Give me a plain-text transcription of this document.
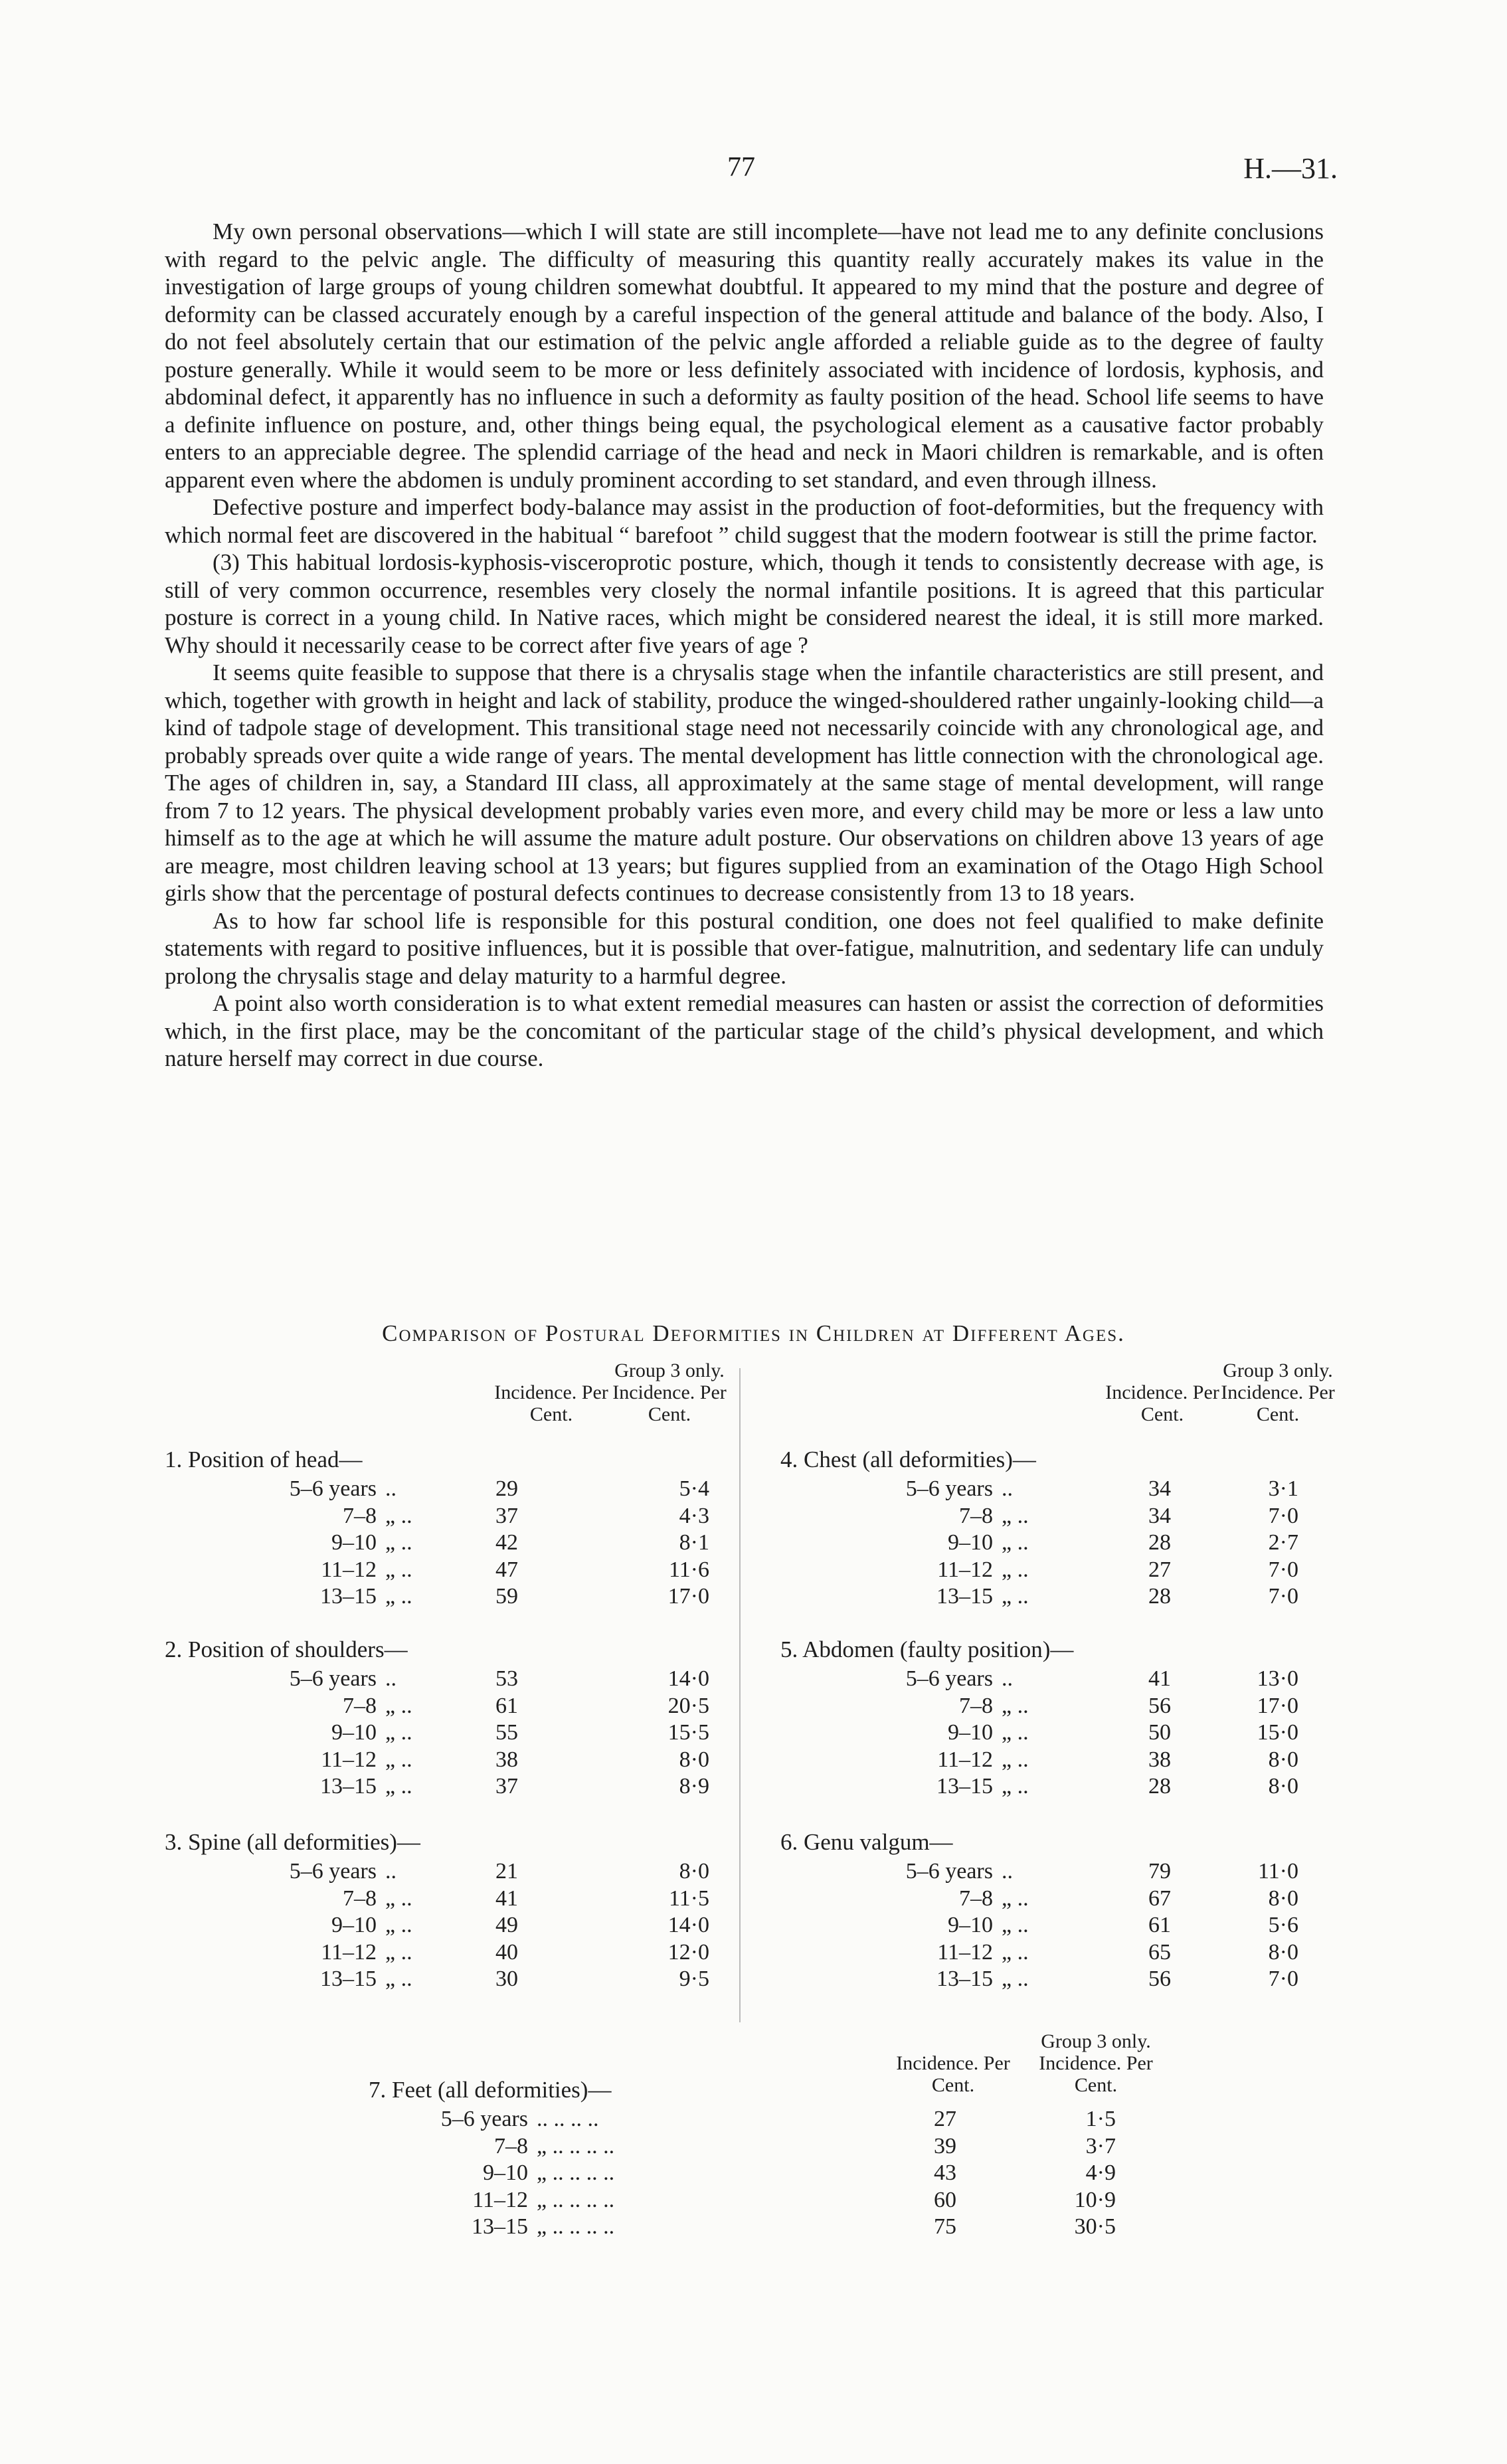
77	H.—31.

My own personal observations—which I will state are still incomplete—have not lead me to any definite conclusions with regard to the pelvic angle. The difficulty of measuring this quantity really accurately makes its value in the investigation of large groups of young children somewhat doubtful. It appeared to my mind that the posture and degree of deformity can be classed accurately enough by a careful inspection of the general attitude and balance of the body. Also, I do not feel absolutely certain that our estimation of the pelvic angle afforded a reliable guide as to the degree of faulty posture generally. While it would seem to be more or less definitely associated with incidence of lordosis, kyphosis, and abdominal defect, it apparently has no influence in such a deformity as faulty position of the head. School life seems to have a definite influence on posture, and, other things being equal, the psychological element as a causative factor probably enters to an appreciable degree. The splendid carriage of the head and neck in Maori children is remarkable, and is often apparent even where the abdomen is unduly prominent according to set standard, and even through illness.

Defective posture and imperfect body-balance may assist in the production of foot-deformities, but the frequency with which normal feet are discovered in the habitual “ barefoot ” child suggest that the modern footwear is still the prime factor.

(3) This habitual lordosis-kyphosis-visceroprotic posture, which, though it tends to consistently decrease with age, is still of very common occurrence, resembles very closely the normal infantile positions. It is agreed that this particular posture is correct in a young child. In Native races, which might be considered nearest the ideal, it is still more marked. Why should it necessarily cease to be correct after five years of age ?

It seems quite feasible to suppose that there is a chrysalis stage when the infantile characteristics are still present, and which, together with growth in height and lack of stability, produce the winged-shouldered rather ungainly-looking child—a kind of tadpole stage of development. This transitional stage need not necessarily coincide with any chronological age, and probably spreads over quite a wide range of years. The mental development has little connection with the chronological age. The ages of children in, say, a Standard III class, all approximately at the same stage of mental development, will range from 7 to 12 years. The physical development probably varies even more, and every child may be more or less a law unto himself as to the age at which he will assume the mature adult posture. Our observations on children above 13 years of age are meagre, most children leaving school at 13 years; but figures supplied from an examination of the Otago High School girls show that the percentage of postural defects continues to decrease consistently from 13 to 18 years.

As to how far school life is responsible for this postural condition, one does not feel qualified to make definite statements with regard to positive influences, but it is possible that over-fatigue, malnutrition, and sedentary life can unduly prolong the chrysalis stage and delay maturity to a harmful degree.

A point also worth consideration is to what extent remedial measures can hasten or assist the correction of deformities which, in the first place, may be the concomitant of the particular stage of the child’s physical development, and which nature herself may correct in due course.

Comparison of Postural Deformities in Children at Different Ages.
Incidence. Per Cent.
Group 3 only. Incidence. Per Cent.
Incidence. Per Cent.
Group 3 only. Incidence. Per Cent.
1. Position of head—
5–6 years ..	29	5·4
7–8 „ ..	37	4·3
9–10 „ ..	42	8·1
11–12 „ ..	47	11·6
13–15 „ ..	59	17·0
2. Position of shoulders—
5–6 years ..	53	14·0
7–8 „ ..	61	20·5
9–10 „ ..	55	15·5
11–12 „ ..	38	8·0
13–15 „ ..	37	8·9
3. Spine (all deformities)—
5–6 years ..	21	8·0
7–8 „ ..	41	11·5
9–10 „ ..	49	14·0
11–12 „ ..	40	12·0
13–15 „ ..	30	9·5
4. Chest (all deformities)—
5–6 years ..	34	3·1
7–8 „ ..	34	7·0
9–10 „ ..	28	2·7
11–12 „ ..	27	7·0
13–15 „ ..	28	7·0
5. Abdomen (faulty position)—
5–6 years ..	41	13·0
7–8 „ ..	56	17·0
9–10 „ ..	50	15·0
11–12 „ ..	38	8·0
13–15 „ ..	28	8·0
6. Genu valgum—
5–6 years ..	79	11·0
7–8 „ ..	67	8·0
9–10 „ ..	61	5·6
11–12 „ ..	65	8·0
13–15 „ ..	56	7·0
Incidence. Per Cent.
Group 3 only. Incidence. Per Cent.
7. Feet (all deformities)—
5–6 years .. .. .. ..	27	1·5
7–8 „ .. .. .. ..	39	3·7
9–10 „ .. .. .. ..	43	4·9
11–12 „ .. .. .. ..	60	10·9
13–15 „ .. .. .. ..	75	30·5
